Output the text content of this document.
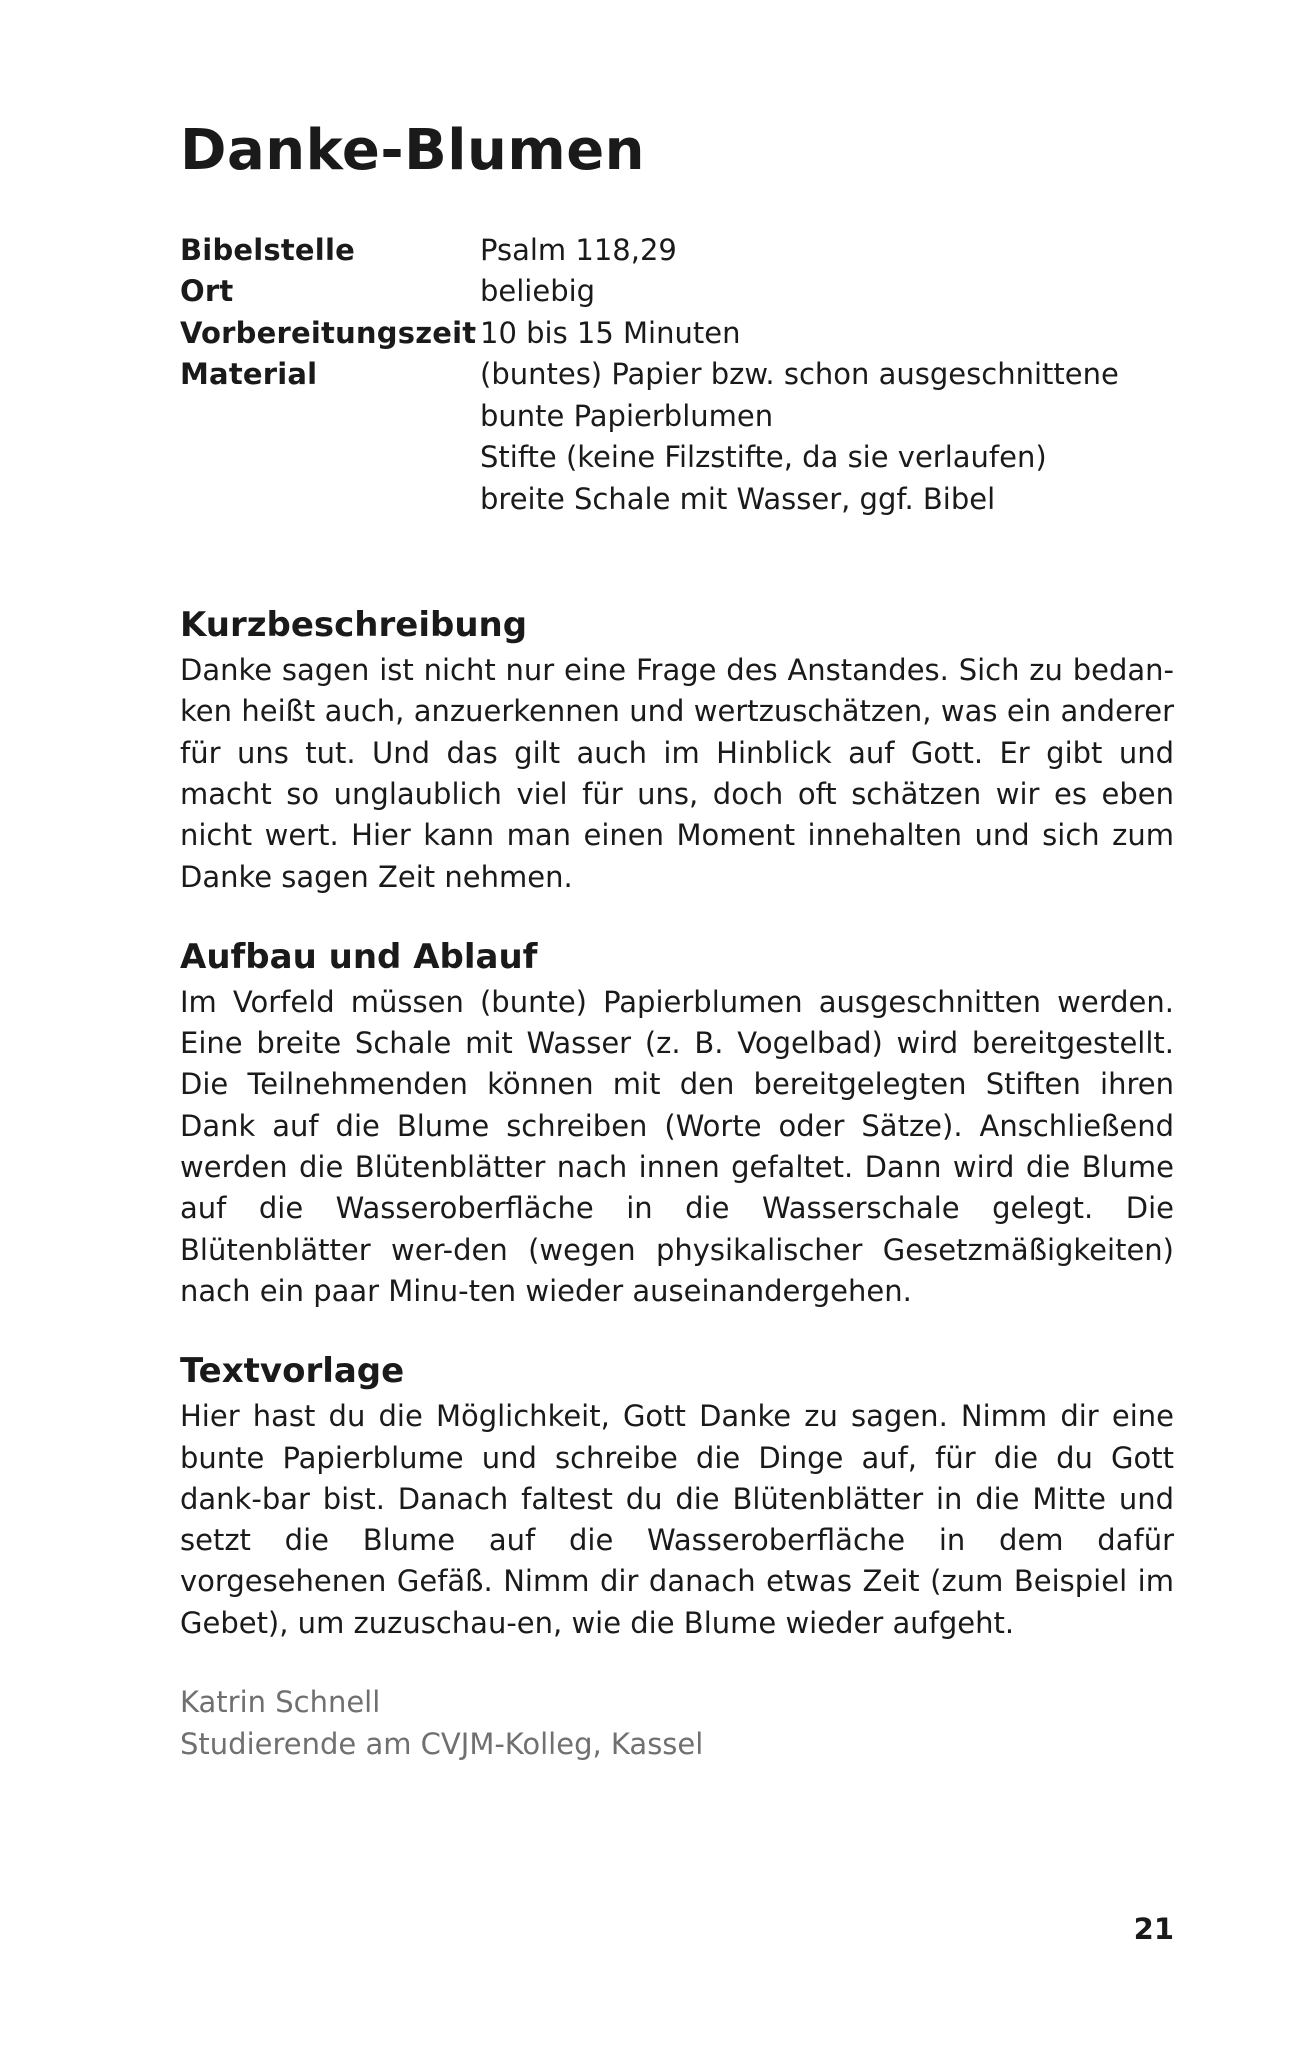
Danke-Blumen
Bibelstelle	Psalm 118,29
Ort	beliebig
Vorbereitungszeit 10 bis 15 Minuten
Material	(buntes) Papier bzw. schon ausgeschnittene
bunte Papierblumen
Stifte (keine Filzstifte, da sie verlaufen)
breite Schale mit Wasser, ggf. Bibel
Kurzbeschreibung

Danke sagen ist nicht nur eine Frage des Anstandes. Sich zu bedan-ken heißt auch, anzuerkennen und wertzuschätzen, was ein anderer für uns tut. Und das gilt auch im Hinblick auf Gott. Er gibt und macht so unglaublich viel für uns, doch oft schätzen wir es eben nicht wert. Hier kann man einen Moment innehalten und sich zum Danke sagen Zeit nehmen.

Aufbau und Ablauf

Im Vorfeld müssen (bunte) Papierblumen ausgeschnitten werden. Eine breite Schale mit Wasser (z. B. Vogelbad) wird bereitgestellt. Die Teilnehmenden können mit den bereitgelegten Stiften ihren Dank auf die Blume schreiben (Worte oder Sätze). Anschließend werden die Blütenblätter nach innen gefaltet. Dann wird die Blume auf die Wasseroberfläche in die Wasserschale gelegt. Die Blütenblätter wer-den (wegen physikalischer Gesetzmäßigkeiten) nach ein paar Minu-ten wieder auseinandergehen.

Textvorlage

Hier hast du die Möglichkeit, Gott Danke zu sagen. Nimm dir eine bunte Papierblume und schreibe die Dinge auf, für die du Gott dank-bar bist. Danach faltest du die Blütenblätter in die Mitte und setzt die Blume auf die Wasseroberfläche in dem dafür vorgesehenen Gefäß. Nimm dir danach etwas Zeit (zum Beispiel im Gebet), um zuzuschau-en, wie die Blume wieder aufgeht.

Katrin Schnell
Studierende am CVJM-Kolleg, Kassel
21
